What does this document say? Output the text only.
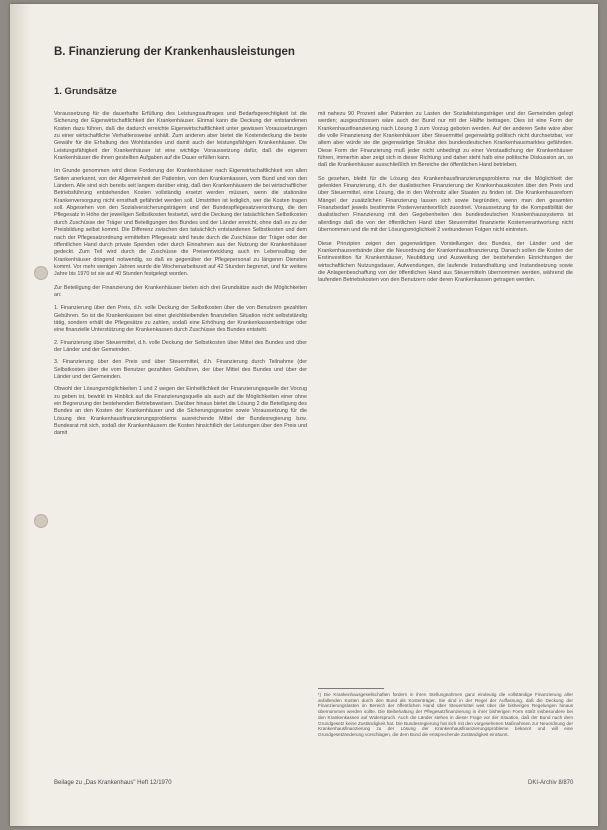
B. Finanzierung der Krankenhausleistungen
1. Grundsätze

Voraussetzung für die dauerhafte Erfüllung des Leistungsauftrages und Bedarfsgerechtigkeit ist die Sicherung der Eigenwirtschaftlichkeit der Krankenhäuser. Einmal kann die Deckung der entstandenen Kosten dazu führen, daß die dadurch erreichte Eigenwirtschaftlichkeit unter gewissen Voraussetzungen zu einer wirtschaftliche Verhaltensweise anhält. Zum anderen aber bietet die Kostendeckung die beste Gewähr für die Erhaltung des Wohlstandes und damit auch der leistungsfähigen Krankenhäuser. Die Leistungsfähigkeit der Krankenhäuser ist eine wichtige Voraussetzung dafür, daß die eigenen Krankenhäuser die ihnen gestellten Aufgaben auf die Dauer erfüllen kann.

Im Grunde genommen wird diese Forderung der Krankenhäuser nach Eigenwirtschaftlichkeit von allen Seiten anerkannt, von der Allgemeinheit der Patienten, von den Krankenkassen, vom Bund und von den Ländern. Alle sind sich bereits seit langem darüber einig, daß den Krankenhäusern die bei wirtschaftlicher Betriebsführung entstehenden Kosten vollständig ersetzt werden müssen, wenn die stationäre Krankenversorgung nicht ernsthaft gefährdet werden soll. Umstritten ist lediglich, wer die Kosten tragen soll. Abgesehen von den Sozialversicherungsträgern und der Bundespflegesatzverordnung, die den Pflegesatz in Höhe der jeweiligen Selbstkosten festsetzt, wird die Deckung der tatsächlichen Selbstkosten durch Zuschüsse der Träger und Beteiligungen des Bundes und der Länder erreicht, ohne daß es zu der Preisbildung selbst kommt. Die Differenz zwischen den tatsächlich entstandenen Selbstkosten und dem nach der Pflegesatzordnung ermittelten Pflegesatz wird heute durch die Zuschüsse der Träger oder der öffentlichen Hand durch private Spenden oder durch Einnahmen aus der Nutzung der Krankenhäuser gedeckt. Zum Teil wird durch die Zuschüsse die Preisentwicklung auch im Lebensalltag der Krankenhäuser dringend notwendig, so daß es gegenüber der Pflegepersonal zu längeren Diensten kommt. Vor mehr wenigen Jahren wurde die Wochenarbeitszeit auf 42 Stunden begrenzt, und für weitere Jahre bis 1970 ist sie auf 40 Stunden festgelegt worden.

Zur Beteiligung der Finanzierung der Krankenhäuser bieten sich drei Grundsätze auch die Möglichkeiten an:

1. Finanzierung über den Preis, d.h. volle Deckung der Selbstkosten über die von Benutzern gezahlten Gebühren. So ist die Krankenkassen bei einer gleichbleibenden finanziellen Situation nicht selbstständig tätig, sondern erhält die Pflegesätze zu zahlen, sodaß eine Erhöhung der Krankenkassenbeiträge oder eine finanzielle Unterstützung der Krankenkassen durch Zuschüsse des Bundes entsteht.

2. Finanzierung über Steuermittel, d.h. volle Deckung der Selbstkosten über Mittel des Bundes und über der Länder und der Gemeinden.

3. Finanzierung über den Preis und über Steuermittel, d.h. Finanzierung durch Teilnahme (der Selbstkosten über die vom Benutzer gezahlten Gebühren, der über Mittel des Bundes und über der Länder und der Gemeinden.

Obwohl der Lösungsmöglichkeiten 1 und 2 wegen der Einheitlichkeit der Finanzierungsquelle der Vorzug zu geben ist, bewirkt im Hinblick auf die Finanzierungsquelle als auch auf die Möglichkeiten einer ohne ein Begrenzung der bestehenden Betriebsweisen. Darüber hinaus bietet die Lösung 2 die Beteiligung des Bundes an den Kosten der Krankenhäuser und die Sicherungsgesetze sowie Voraussetzung für die Lösung des Krankenhausfinanzierungsproblems ausreichende Mittel der Bundesregierung bzw. Bundesrat mit sich, sodaß der Krankenhäusern die Kosten hinsichtlich der Leistungen über den Preis und damit

mit nahezu 90 Prozent aller Patienten zu Lasten der Sozialleistungsträger und der Gemeinden gelegt werden; ausgeschlossen wäre auch der Bund nur mit der Hälfte beitragen. Dies ist eine Form der Krankenhausfinanzierung nach Lösung 3 zum Vorzug geboten werden. Auf der anderen Seite wäre aber die volle Finanzierung der Krankenhäuser über Steuermittel gegenwärtig politisch nicht durchsetzbar, vor allem aber würde sie die gegenwärtige Struktur des bundesdeutschen Krankenhausmarktes gefährden. Diese Form der Finanzierung muß jeder nicht unbedingt zu einer Verstaatlichung der Krankenhäuser führen, immerhin aber zeigt sich in dieser Richtung und daher steht halb eine politische Diskussion an, so daß die Krankenhäuser ausschließlich im Bereiche der öffentlichen Hand betrieben.

So gesehen, bleibt für die Lösung des Krankenhausfinanzierungsproblems nur die Möglichkeit der gelenkten Finanzierung, d.h. der dualistischen Finanzierung der Krankenhauskosten über den Preis und über Steuermittel, eine Lösung, die in den Wohnsitz aller Staaten zu finden ist. Die Krankenhausreform Mängel der zusätzlichen Finanzierung lassen sich sowie begründen, wenn man den gesamten Finanzbedarf jeweils bestimmte Postenverantwortlich zuordnet. Voraussetzung für die Kompatibilität der dualistischen Finanzierung mit den Gegebenheiten des bundesdeutschen Krankenhaussystems ist allerdings daß die von der öffentlichen Hand über Steuermittel finanzierte Kostenverantwortung nicht übernommen und die mit der Lösungsmöglichkeit 2 verbundenen Folgen nicht eintreten.

Diese Prinzipien zeigen den gegenwärtigen Vorstellungen des Bundes, der Länder und der Krankenhausverbände über die Neuordnung der Krankenhausfinanzierung. Danach sollen die Kosten der Erstinvestition für Krankenhäuser, Neubildung und Ausweitung der bestehenden Einrichtungen der wirtschaftlichen Nutzungsdauer, Aufwendungen, die laufende Instandhaltung und Instandsetzung sowie die Anlagenbeschaffung von der öffentlichen Hand aus Steuermitteln übernommen werden, während die laufenden Betriebskosten von den Benutzern oder deren Krankenkassen getragen werden.

¹) Die Krankenhausgesellschaften fordern in ihren Stellungnahmen ganz eindeutig die vollständige Finanzierung aller anfallenden Kosten durch den Bund als Kostenträger. Sie sind in der Regel der Auffassung, daß die Deckung der Finanzierungslasten im Bereich der öffentlichen Hand über Steuermittel weit über die bisherigen Regelungen hinaus übernommen werden sollte. Die Beibehaltung der Pflegesatzfinanzierung in ihrer bisherigen Form stößt insbesondere bei den Krankenkassen auf Widerspruch. Auch die Länder stehen in dieser Frage vor der Situation, daß der Bund nach dem Grundgesetz keine Zuständigkeit hat. Die Bundesregierung hat sich mit den vorgesehenen Maßnahmen zur Neuordnung der Krankenhausfinanzierung zu der Lösung der Krankenhausfinanzierungsprobleme bekannt und will eine Grundgesetzänderung vorschlagen, die dem Bund die entsprechende Zuständigkeit einräumt.

Beilage zu „Das Krankenhaus" Heft 12/1970	DKI-Archiv 8/870
